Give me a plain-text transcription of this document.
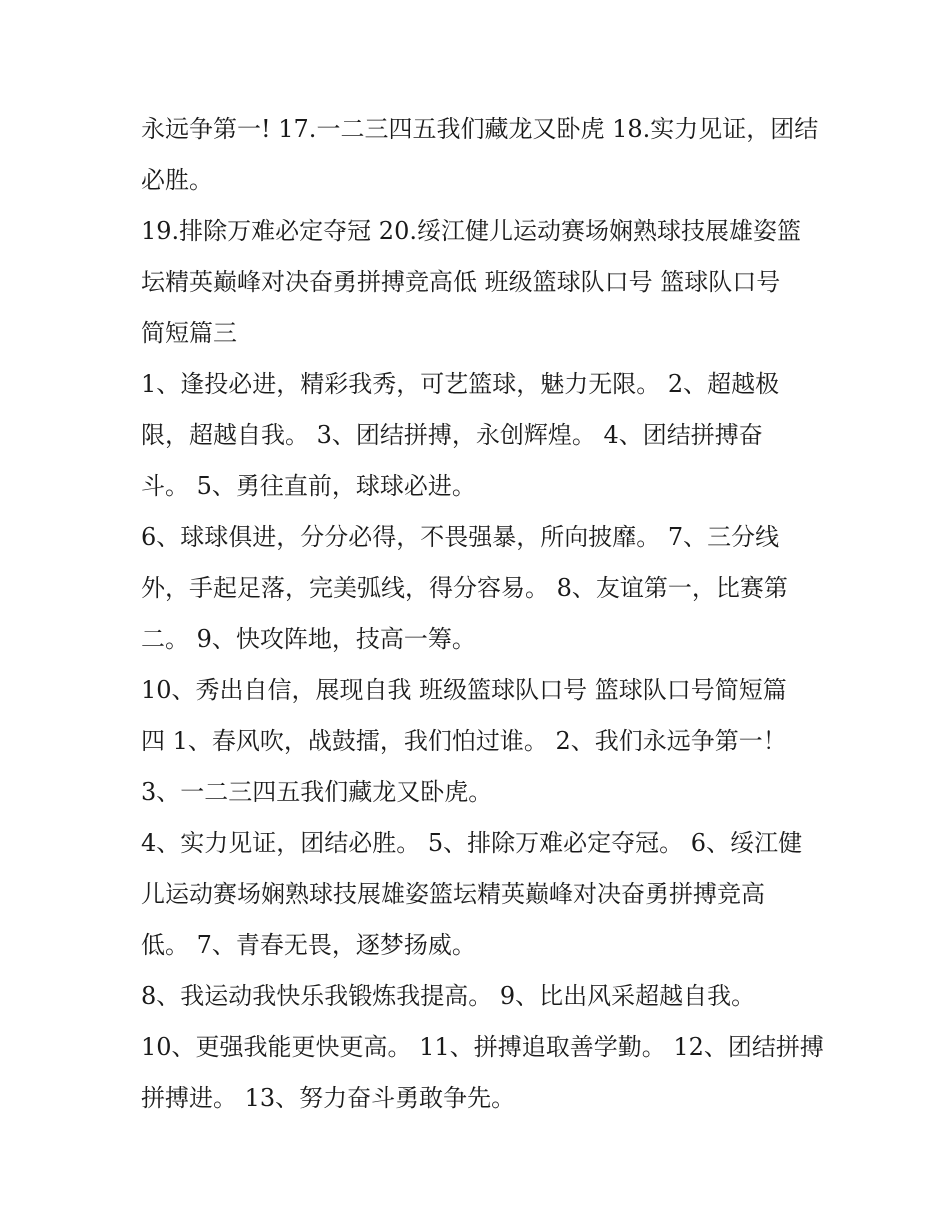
永远争第一! 17.一二三四五我们藏龙又卧虎 18.实力见证，团结
必胜。
19.排除万难必定夺冠 20.绥江健儿运动赛场娴熟球技展雄姿篮
坛精英巅峰对决奋勇拼搏竞高低 班级篮球队口号 篮球队口号
简短篇三
1、逢投必进，精彩我秀，可艺篮球，魅力无限。 2、超越极
限，超越自我。 3、团结拼搏，永创辉煌。 4、团结拼搏奋
斗。 5、勇往直前，球球必进。
6、球球俱进，分分必得，不畏强暴，所向披靡。 7、三分线
外，手起足落，完美弧线，得分容易。 8、友谊第一，比赛第
二。 9、快攻阵地，技高一筹。
10、秀出自信，展现自我 班级篮球队口号 篮球队口号简短篇
四 1、春风吹，战鼓擂，我们怕过谁。 2、我们永远争第一！
3、一二三四五我们藏龙又卧虎。
4、实力见证，团结必胜。 5、排除万难必定夺冠。 6、绥江健
儿运动赛场娴熟球技展雄姿篮坛精英巅峰对决奋勇拼搏竞高
低。 7、青春无畏，逐梦扬威。
8、我运动我快乐我锻炼我提高。 9、比出风采超越自我。
10、更强我能更快更高。 11、拼搏追取善学勤。 12、团结拼搏
拼搏进。 13、努力奋斗勇敢争先。
